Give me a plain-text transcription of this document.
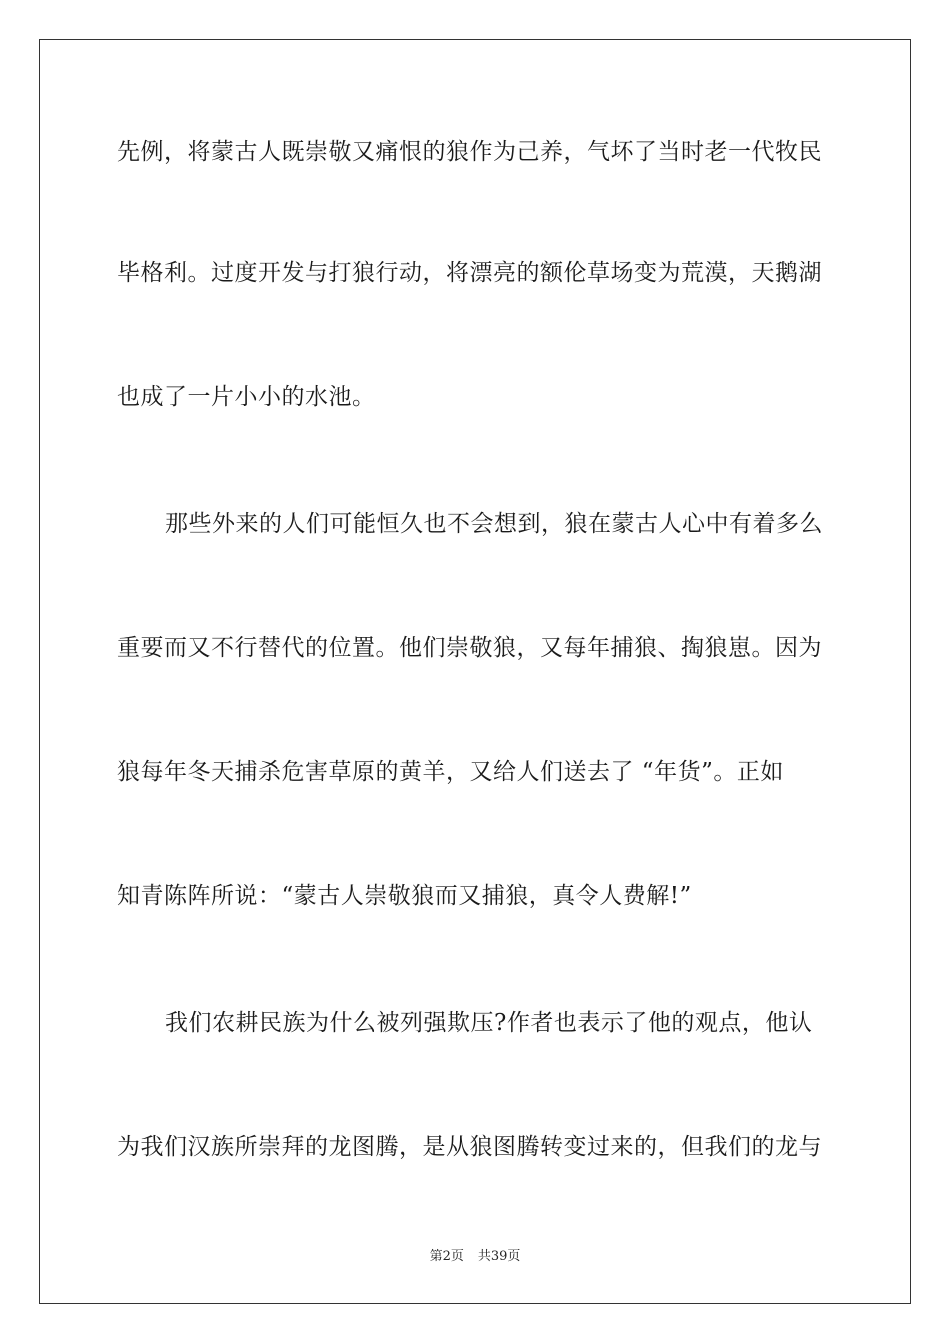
先例，将蒙古人既崇敬又痛恨的狼作为己养，气坏了当时老一代牧民
毕格利。过度开发与打狼行动，将漂亮的额伦草场变为荒漠，天鹅湖
也成了一片小小的水池。
那些外来的人们可能恒久也不会想到，狼在蒙古人心中有着多么
重要而又不行替代的位置。他们崇敬狼，又每年捕狼、掏狼崽。因为
狼每年冬天捕杀危害草原的黄羊，又给人们送去了 “年货”。正如
知青陈阵所说：“蒙古人崇敬狼而又捕狼，真令人费解!”
我们农耕民族为什么被列强欺压?作者也表示了他的观点，他认
为我们汉族所崇拜的龙图腾，是从狼图腾转变过来的，但我们的龙与
第2页 共39页
